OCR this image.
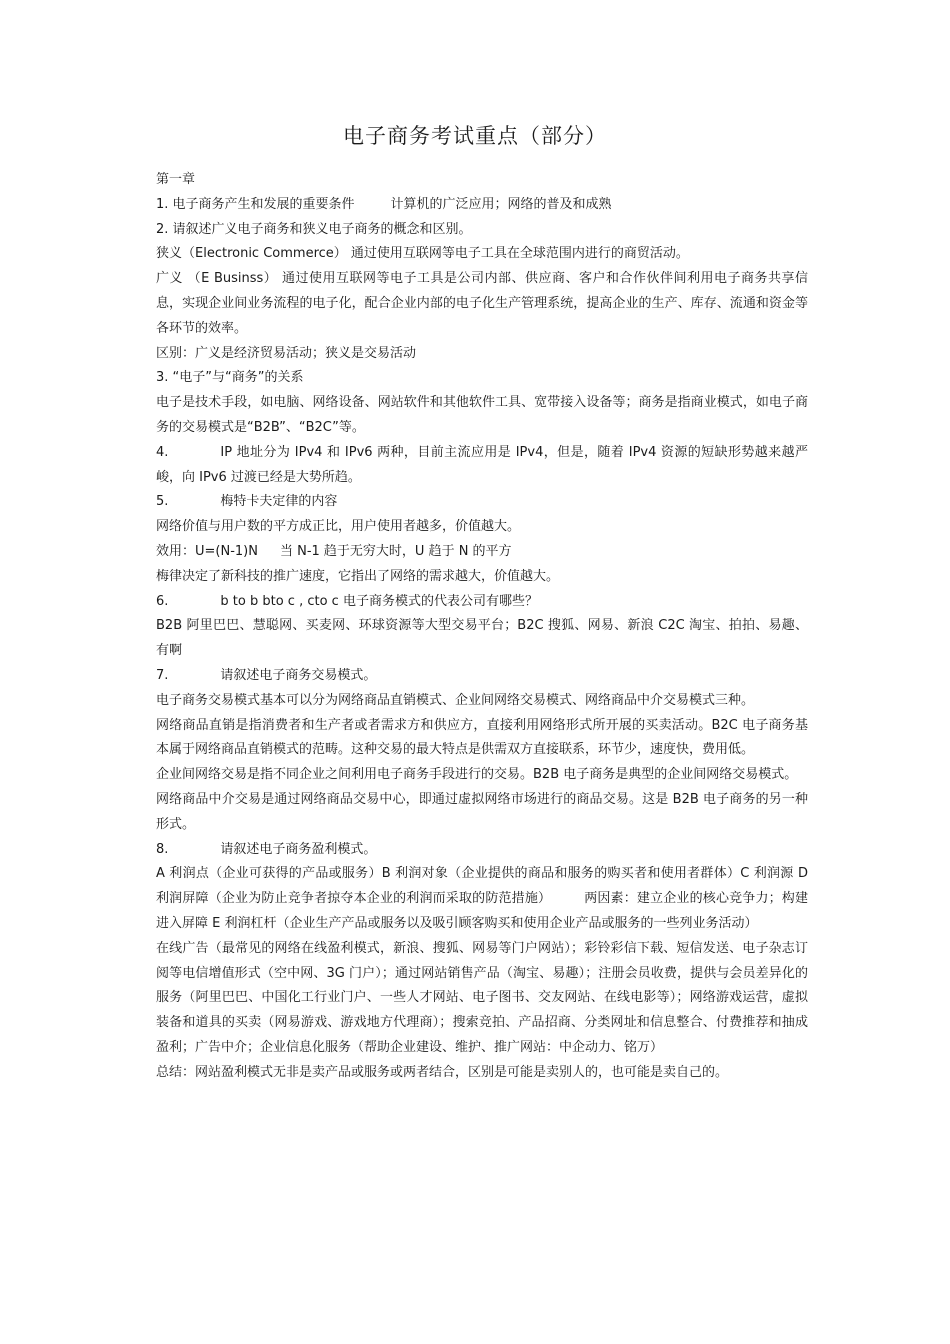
电子商务考试重点（部分）
第一章
1. 电子商务产生和发展的重要条件	计算机的广泛应用；网络的普及和成熟
2. 请叙述广义电子商务和狭义电子商务的概念和区别。
狭义（Electronic Commerce） 通过使用互联网等电子工具在全球范围内进行的商贸活动。
广义 （E Businss） 通过使用互联网等电子工具是公司内部、供应商、客户和合作伙伴间利用电子商务共享信息，实现企业间业务流程的电子化，配合企业内部的电子化生产管理系统，提高企业的生产、库存、流通和资金等各环节的效率。
区别：广义是经济贸易活动；狭义是交易活动
3. “电子”与“商务”的关系
电子是技术手段，如电脑、网络设备、网站软件和其他软件工具、宽带接入设备等；商务是指商业模式，如电子商务的交易模式是“B2B”、“B2C”等。
4.	IP 地址分为 IPv4 和 IPv6 两种，目前主流应用是 IPv4，但是，随着 IPv4 资源的短缺形势越来越严峻，向 IPv6 过渡已经是大势所趋。
5.	梅特卡夫定律的内容
网络价值与用户数的平方成正比，用户使用者越多，价值越大。
效用：U=(N-1)N 当 N-1 趋于无穷大时，U 趋于 N 的平方
梅律决定了新科技的推广速度，它指出了网络的需求越大，价值越大。
6.	b to b bto c , cto c 电子商务模式的代表公司有哪些？
B2B 阿里巴巴、慧聪网、买麦网、环球资源等大型交易平台；B2C 搜狐、网易、新浪 C2C 淘宝、拍拍、易趣、有啊
7.	请叙述电子商务交易模式。
电子商务交易模式基本可以分为网络商品直销模式、企业间网络交易模式、网络商品中介交易模式三种。
网络商品直销是指消费者和生产者或者需求方和供应方，直接利用网络形式所开展的买卖活动。B2C 电子商务基本属于网络商品直销模式的范畴。这种交易的最大特点是供需双方直接联系，环节少，速度快，费用低。
企业间网络交易是指不同企业之间利用电子商务手段进行的交易。B2B 电子商务是典型的企业间网络交易模式。
网络商品中介交易是通过网络商品交易中心，即通过虚拟网络市场进行的商品交易。这是 B2B 电子商务的另一种形式。
8.	请叙述电子商务盈利模式。
A 利润点（企业可获得的产品或服务）B 利润对象（企业提供的商品和服务的购买者和使用者群体）C 利润源 D 利润屏障（企业为防止竞争者掠夺本企业的利润而采取的防范措施）　　　两因素：建立企业的核心竞争力；构建进入屏障 E 利润杠杆（企业生产产品或服务以及吸引顾客购买和使用企业产品或服务的一些列业务活动）
在线广告（最常见的网络在线盈利模式，新浪、搜狐、网易等门户网站）；彩铃彩信下载、短信发送、电子杂志订阅等电信增值形式（空中网、3G 门户）；通过网站销售产品（淘宝、易趣）；注册会员收费，提供与会员差异化的服务（阿里巴巴、中国化工行业门户、一些人才网站、电子图书、交友网站、在线电影等）；网络游戏运营，虚拟装备和道具的买卖（网易游戏、游戏地方代理商）；搜索竞拍、产品招商、分类网址和信息整合、付费推荐和抽成盈利；广告中介；企业信息化服务（帮助企业建设、维护、推广网站：中企动力、铭万）
总结：网站盈利模式无非是卖产品或服务或两者结合，区别是可能是卖别人的，也可能是卖自己的。
